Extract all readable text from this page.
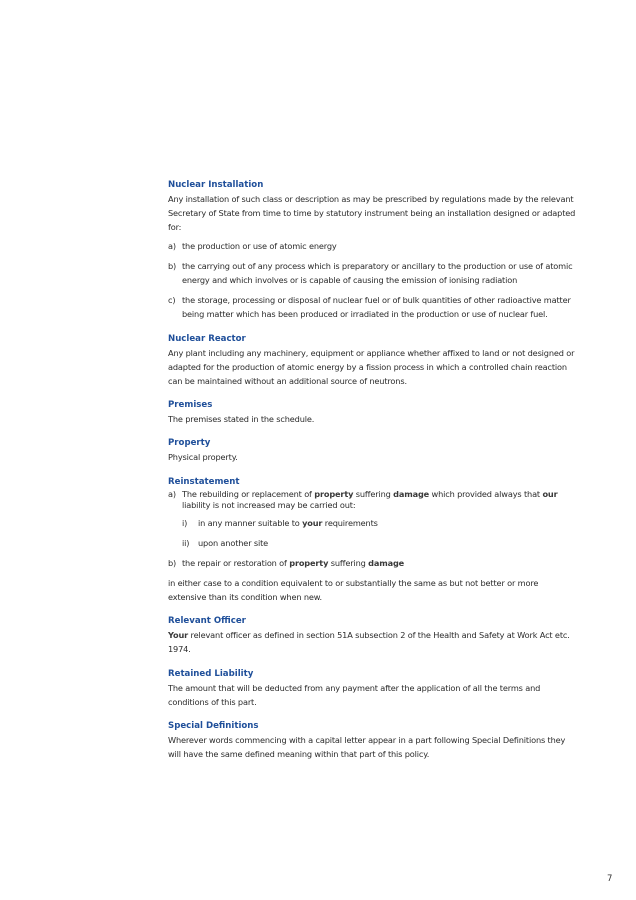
Nuclear Installation

Any installation of such class or description as may be prescribed by regulations made by the relevant Secretary of State from time to time by statutory instrument being an installation designed or adapted for:

a) the production or use of atomic energy
b) the carrying out of any process which is preparatory or ancillary to the production or use of atomic energy and which involves or is capable of causing the emission of ionising radiation
c) the storage, processing or disposal of nuclear fuel or of bulk quantities of other radioactive matter being matter which has been produced or irradiated in the production or use of nuclear fuel.
Nuclear Reactor

Any plant including any machinery, equipment or appliance whether affixed to land or not designed or adapted for the production of atomic energy by a fission process in which a controlled chain reaction can be maintained without an additional source of neutrons.

Premises

The premises stated in the schedule.

Property

Physical property.

Reinstatement
a) The rebuilding or replacement of property suffering damage which provided always that our liability is not increased may be carried out:
i) in any manner suitable to your requirements
ii) upon another site
b) the repair or restoration of property suffering damage

in either case to a condition equivalent to or substantially the same as but not better or more extensive than its condition when new.

Relevant Officer

Your relevant officer as defined in section 51A subsection 2 of the Health and Safety at Work Act etc. 1974.

Retained Liability

The amount that will be deducted from any payment after the application of all the terms and conditions of this part.

Special Definitions

Wherever words commencing with a capital letter appear in a part following Special Definitions they will have the same defined meaning within that part of this policy.

7
